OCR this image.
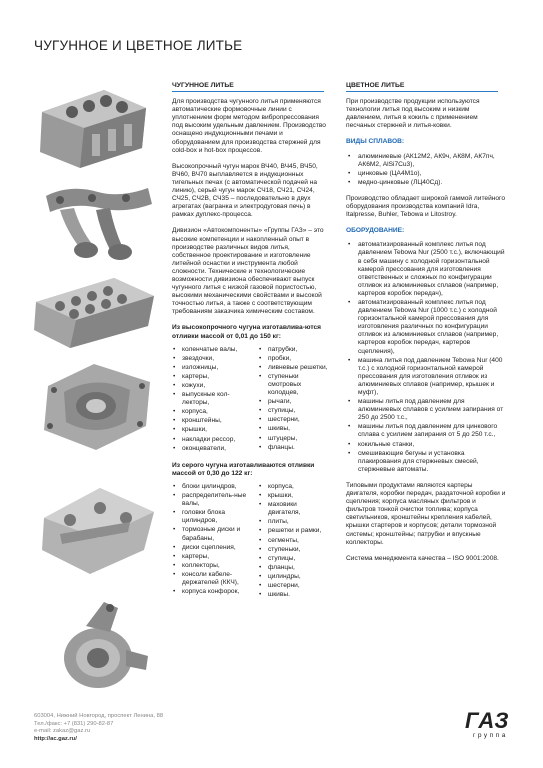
ЧУГУННОЕ И ЦВЕТНОЕ ЛИТЬЕ
ЧУГУННОЕ ЛИТЬЕ

Для производства чугунного литья применяются автоматические формовочные линии с уплотнением форм методом вибропрессования под высоким удельным давлением. Производство оснащено индукционными печами и оборудованием для производства стержней для cold-box и hot-box процессов.

Высокопрочный чугун марок ВЧ40, ВЧ45, ВЧ50, ВЧ60, ВЧ70 выплавляется в индукционных тигельных печах (с автоматической подачей на линию), серый чугун марок СЧ18, СЧ21, СЧ24, СЧ25, СЧ2В, СЧ35 – последовательно в двух агрегатах (вагранка и электродуговая печь) в рамках дуплекс-процесса.

Дивизион «Автокомпоненты» «Группы ГАЗ» – это высокие компетенции и накопленный опыт в производстве различных видов литья, собственное проектирование и изготовление литейной оснастки и инструмента любой сложности. Технические и технологические возможности дивизиона обеспечивают выпуск чугунного литья с низкой газовой пористостью, высокими механическими свойствами и высокой точностью литья, а также с соответствующим требованиям заказчика химическим составом.

Из высокопрочного чугуна изготавлива-ются отливки массой от 0,01 до 150 кг:
• коленчатые валы,
• звездочки,
• изложницы,
• картеры,
• кожухи,
• выпускные кол-лекторы,
• корпуса,
• кронштейны,
• крышки,
• накладки рессор,
• оконцеватели,
• патрубки,
• пробки,
• ливневые решетки,
• ступеньки смотровых колодцев,
• рычаги,
• ступицы,
• шестерни,
• шкивы,
• штуцеры,
• фланцы.
Из серого чугуна изготавливаются отливки массой от 0,30 до 122 кг:
• блоки цилиндров,
• распределитель-ные валы,
• головки блока цилиндров,
• тормозные диски и барабаны,
• диски сцепления,
• картеры,
• коллекторы,
• консоли кабеле-держателей (ККЧ),
• корпуса конфорок,
• корпуса,
• крышки,
• маховики двигателя,
• плиты,
• решетки и рамки,
• сегменты,
• ступеньки,
• ступицы,
• фланцы,
• цилиндры,
• шестерни,
• шкивы.
ЦВЕТНОЕ ЛИТЬЕ

При производстве продукции используются технологии литья под высоким и низким давлением, литья в кокиль с применением песчаных стержней и литья-ковки.

ВИДЫ СПЛАВОВ:
• алюминиевые (АК12М2, АК9ч, АК8М, АК7пч, АК6М2, AlSi7Cu3),
• цинковые (ЦА4М1о),
• медно-цинковые (ЛЦ40Сд).

Производство обладает широкой гаммой литейного оборудования производства компаний Idra, Italpresse, Buhler, Tebowa и Litostroy.

ОБОРУДОВАНИЕ:
• автоматизированный комплекс литья под давлением Tebowa Nur (2500 т.с.), включающий в себя машину с холодной горизонтальной камерой прессования для изготовления ответственных и сложных по конфигурации отливок из алюминиевых сплавов (например, картеров коробок передач),
• автоматизированный комплекс литья под давлением Tebowa Nur (1000 т.с.) с холодной горизонтальной камерой прессования для изготовления различных по конфигурации отливок из алюминиевых сплавов (например, картеров коробок передач, картеров сцепления),
• машина литья под давлением Tebowa Nur (400 т.с.) с холодной горизонтальной камерой прессования для изготовления отливок из алюминиевых сплавов (например, крышек и муфт),
• машины литья под давлением для алюминиевых сплавов с усилием запирания от 250 до 2500 т.с.,
• машины литья под давлением для цинкового сплава с усилием запирания от 5 до 250 т.с.,
• кокильные станки,
• смешивающие бегуны и установка плакирования для стержневых смесей, стержневые автоматы.

Типовыми продуктами являются картеры двигателя, коробки передач, раздаточной коробки и сцепления; корпуса масляных фильтров и фильтров тонкой очистки топлива; корпуса светильников, кронштейны крепления кабелей, крышки стартеров и корпусов; детали тормозной системы; кронштейны; патрубки и впускные коллекторы.

Система менеджмента качества – ISO 9001:2008.

603004, Нижний Новгород, проспект Ленина, 88
Тел./факс: +7 (831) 290-82-87
e-mail: zakaz@gaz.ru
http://ac.gaz.ru/
ГАЗ
группа
